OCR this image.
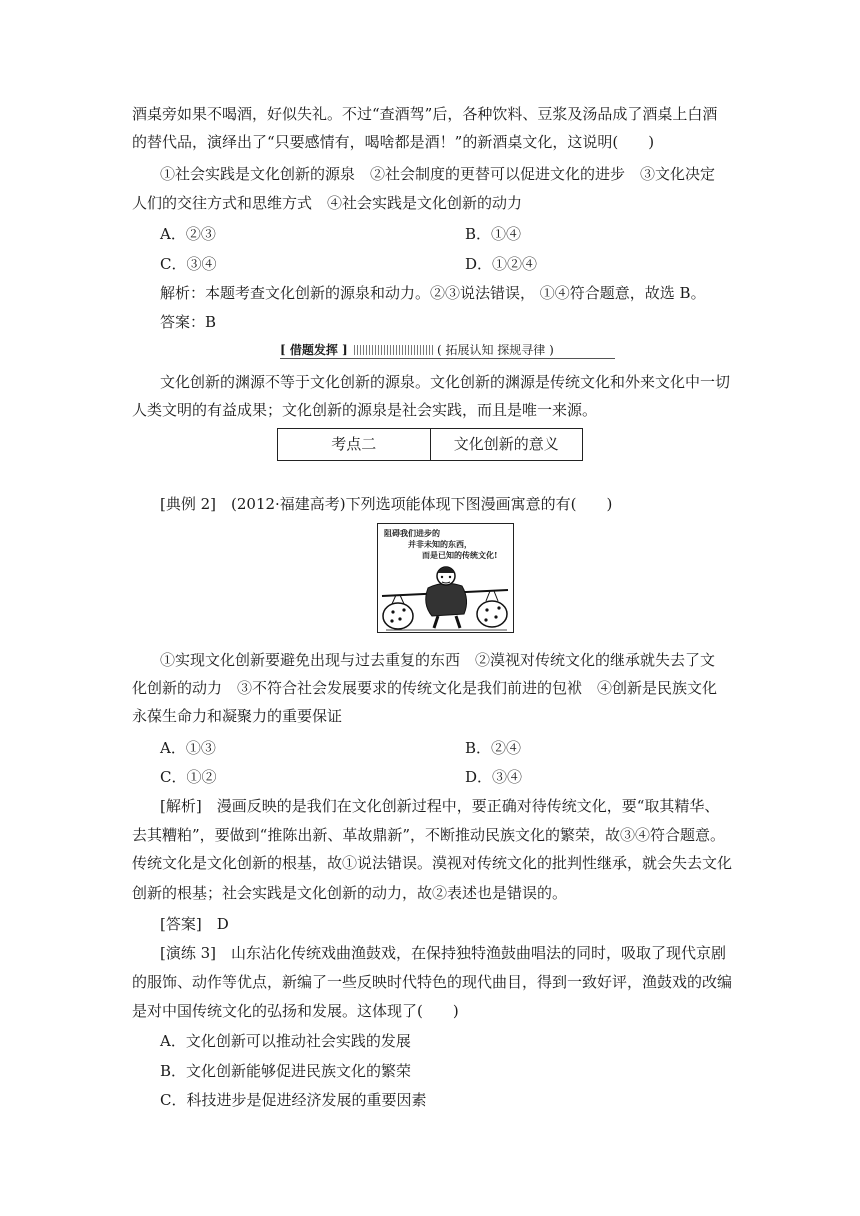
酒桌旁如果不喝酒，好似失礼。不过“查酒驾”后，各种饮料、豆浆及汤品成了酒桌上白酒
的替代品，演绎出了“只要感情有，喝啥都是酒！”的新酒桌文化，这说明(　　)
①社会实践是文化创新的源泉　②社会制度的更替可以促进文化的进步　③文化决定
人们的交往方式和思维方式　④社会实践是文化创新的动力
A．②③	B．①④
C．③④	D．①②④
解析：本题考查文化创新的源泉和动力。②③说法错误， ①④符合题意，故选 B。
答案：B
[ 借题发挥 ]	( 拓展认知 探规寻律 )
文化创新的渊源不等于文化创新的源泉。文化创新的渊源是传统文化和外来文化中一切
人类文明的有益成果；文化创新的源泉是社会实践，而且是唯一来源。
考点二	文化创新的意义
[典例 2]　(2012·福建高考)下列选项能体现下图漫画寓意的有(　　)
阻碍我们进步的
并非未知的东西，
而是已知的传统文化!
①实现文化创新要避免出现与过去重复的东西　②漠视对传统文化的继承就失去了文
化创新的动力　③不符合社会发展要求的传统文化是我们前进的包袱　④创新是民族文化
永葆生命力和凝聚力的重要保证
A．①③	B．②④
C．①②	D．③④
[解析]　漫画反映的是我们在文化创新过程中，要正确对待传统文化，要“取其精华、
去其糟粕”，要做到“推陈出新、革故鼎新”，不断推动民族文化的繁荣，故③④符合题意。
传统文化是文化创新的根基，故①说法错误。漠视对传统文化的批判性继承，就会失去文化
创新的根基；社会实践是文化创新的动力，故②表述也是错误的。
[答案]　D
[演练 3]　山东沾化传统戏曲渔鼓戏，在保持独特渔鼓曲唱法的同时，吸取了现代京剧
的服饰、动作等优点，新编了一些反映时代特色的现代曲目，得到一致好评，渔鼓戏的改编
是对中国传统文化的弘扬和发展。这体现了(　　)
A．文化创新可以推动社会实践的发展
B．文化创新能够促进民族文化的繁荣
C．科技进步是促进经济发展的重要因素
